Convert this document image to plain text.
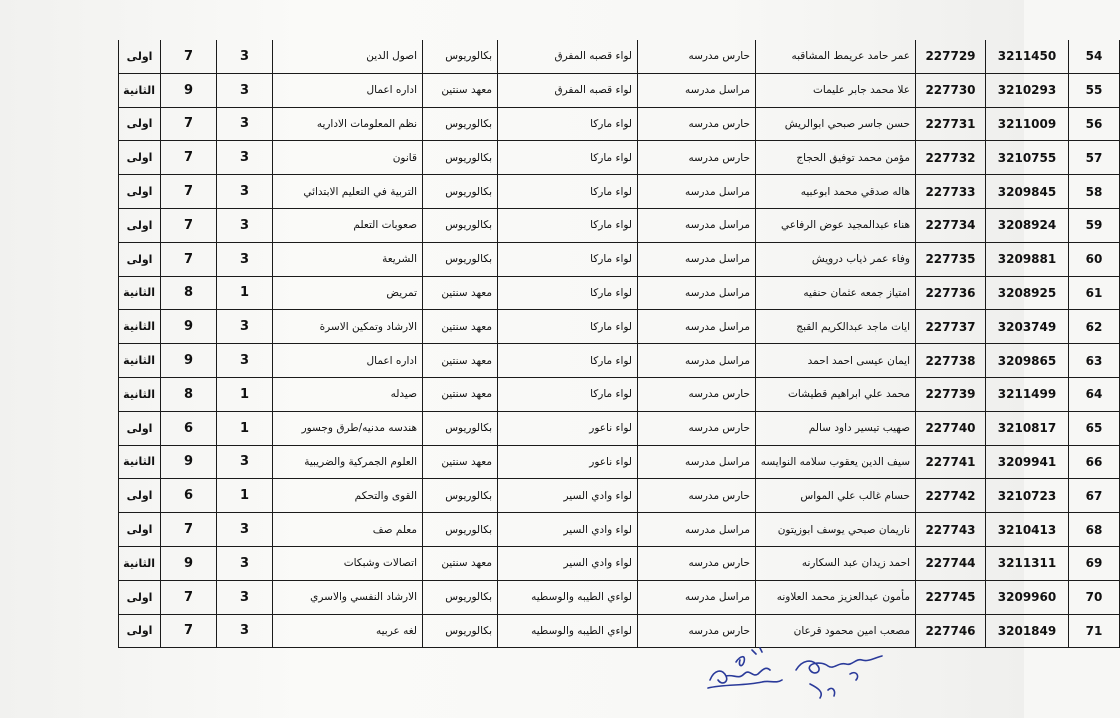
54	3211450	227729	عمر حامد عريمط المشاقبه	حارس مدرسه	لواء قصبه المفرق	بكالوريوس	اصول الدين	3	7	اولى
55	3210293	227730	علا محمد جابر عليمات	مراسل مدرسه	لواء قصبه المفرق	معهد سنتين	اداره اعمال	3	9	الثانية
56	3211009	227731	حسن جاسر صبحي ابوالريش	حارس مدرسه	لواء ماركا	بكالوريوس	نظم المعلومات الاداريه	3	7	اولى
57	3210755	227732	مؤمن محمد توفيق الحجاج	حارس مدرسه	لواء ماركا	بكالوريوس	قانون	3	7	اولى
58	3209845	227733	هاله صدقي محمد ابوعبيه	مراسل مدرسه	لواء ماركا	بكالوريوس	التربية في التعليم الابتدائي	3	7	اولى
59	3208924	227734	هناء عبدالمجيد عوض الرفاعي	مراسل مدرسه	لواء ماركا	بكالوريوس	صعوبات التعلم	3	7	اولى
60	3209881	227735	وفاء عمر ذياب درويش	مراسل مدرسه	لواء ماركا	بكالوريوس	الشريعة	3	7	اولى
61	3208925	227736	امتياز جمعه عثمان حنفيه	مراسل مدرسه	لواء ماركا	معهد سنتين	تمريض	1	8	الثانية
62	3203749	227737	ايات ماجد عبدالكريم القبج	مراسل مدرسه	لواء ماركا	معهد سنتين	الارشاد وتمكين الاسرة	3	9	الثانية
63	3209865	227738	ايمان عيسى احمد احمد	مراسل مدرسه	لواء ماركا	معهد سنتين	اداره اعمال	3	9	الثانية
64	3211499	227739	محمد علي ابراهيم قطيشات	حارس مدرسه	لواء ماركا	معهد سنتين	صيدله	1	8	الثانية
65	3210817	227740	صهيب تيسير داود سالم	حارس مدرسه	لواء ناعور	بكالوريوس	هندسه مدنيه/طرق وجسور	1	6	اولى
66	3209941	227741	سيف الدين يعقوب سلامه النوايسه	مراسل مدرسه	لواء ناعور	معهد سنتين	العلوم الجمركية والضريبية	3	9	الثانية
67	3210723	227742	حسام غالب علي المواس	حارس مدرسه	لواء وادي السير	بكالوريوس	القوى والتحكم	1	6	اولى
68	3210413	227743	ناريمان صبحي يوسف ابوزيتون	مراسل مدرسه	لواء وادي السير	بكالوريوس	معلم صف	3	7	اولى
69	3211311	227744	احمد زيدان عبد السكارنه	حارس مدرسه	لواء وادي السير	معهد سنتين	اتصالات وشبكات	3	9	الثانية
70	3209960	227745	مأمون عبدالعزيز محمد العلاونه	مراسل مدرسه	لواءي الطيبه والوسطيه	بكالوريوس	الارشاد النفسي والاسري	3	7	اولى
71	3201849	227746	مصعب امين محمود قرعان	حارس مدرسه	لواءي الطيبه والوسطيه	بكالوريوس	لغه عربيه	3	7	اولى
